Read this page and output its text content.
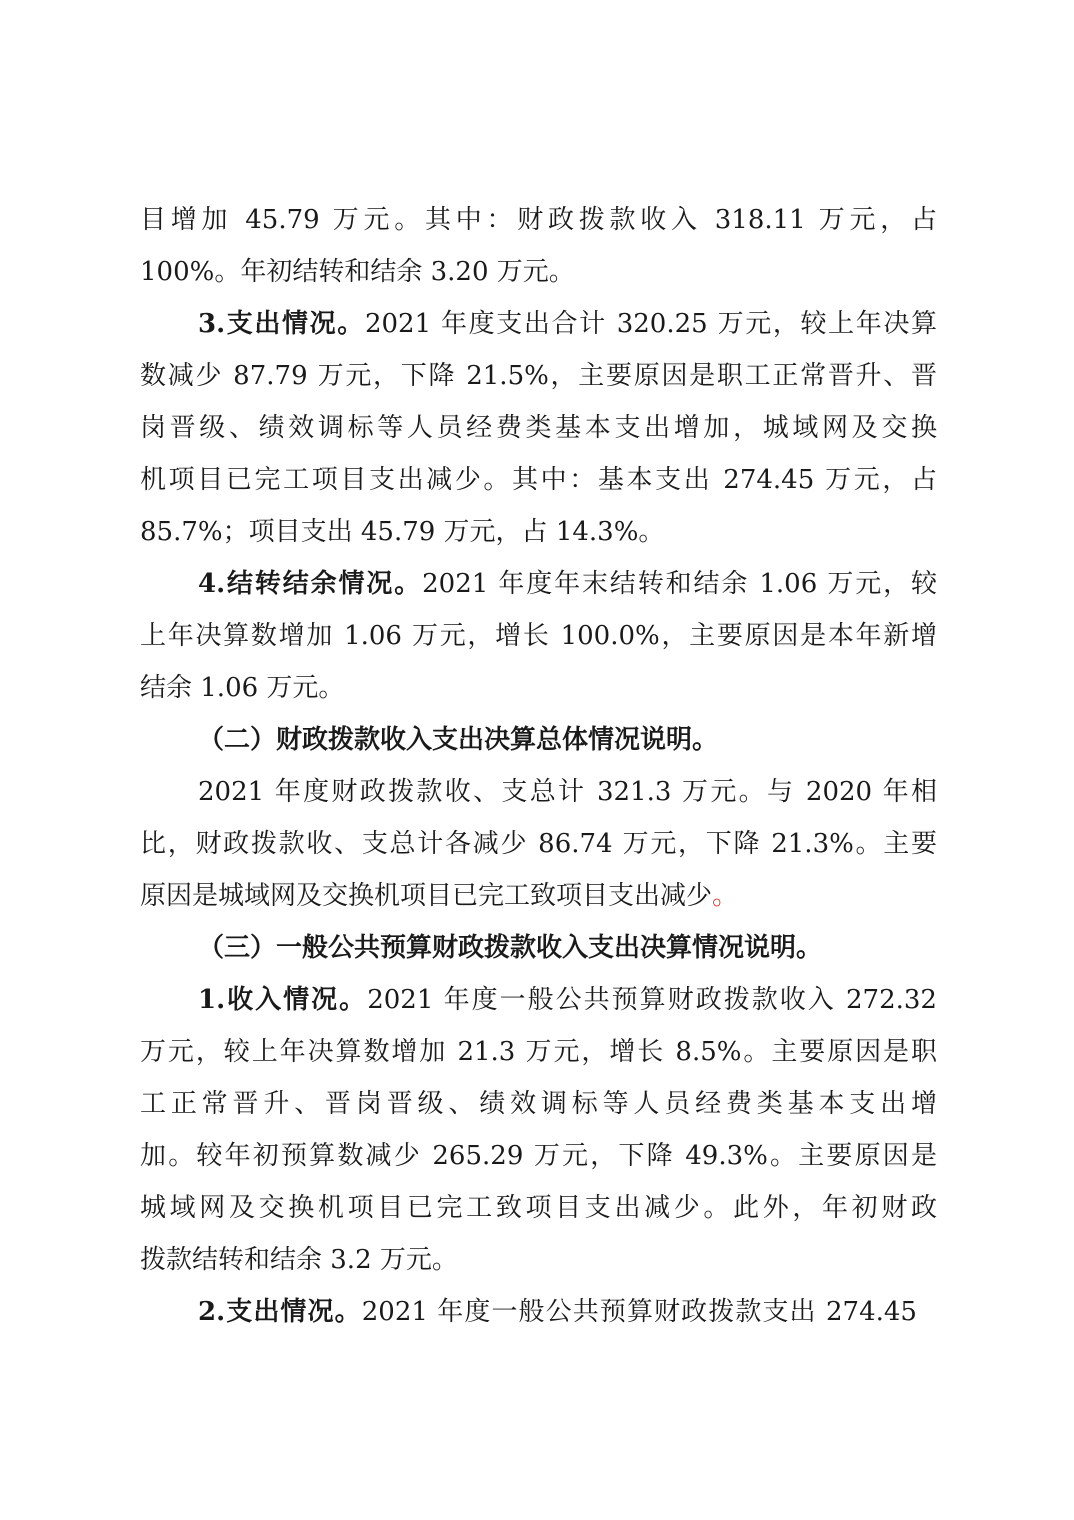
目增加 45.79 万元。其中：财政拨款收入 318.11 万元，占
100%。年初结转和结余 3.20 万元。
3.支出情况。2021 年度支出合计 320.25 万元，较上年决算
数减少 87.79 万元，下降 21.5%，主要原因是职工正常晋升、晋
岗晋级、绩效调标等人员经费类基本支出增加，城域网及交换
机项目已完工项目支出减少。其中：基本支出 274.45 万元，占
85.7%；项目支出 45.79 万元，占 14.3%。
4.结转结余情况。2021 年度年末结转和结余 1.06 万元，较
上年决算数增加 1.06 万元，增长 100.0%，主要原因是本年新增
结余 1.06 万元。
（二）财政拨款收入支出决算总体情况说明。
2021 年度财政拨款收、支总计 321.3 万元。与 2020 年相
比，财政拨款收、支总计各减少 86.74 万元，下降 21.3%。主要
原因是城域网及交换机项目已完工致项目支出减少。
（三）一般公共预算财政拨款收入支出决算情况说明。
1.收入情况。2021 年度一般公共预算财政拨款收入 272.32
万元，较上年决算数增加 21.3 万元，增长 8.5%。主要原因是职
工正常晋升、晋岗晋级、绩效调标等人员经费类基本支出增
加。较年初预算数减少 265.29 万元，下降 49.3%。主要原因是
城域网及交换机项目已完工致项目支出减少。此外，年初财政
拨款结转和结余 3.2 万元。
2.支出情况。2021 年度一般公共预算财政拨款支出 274.45
